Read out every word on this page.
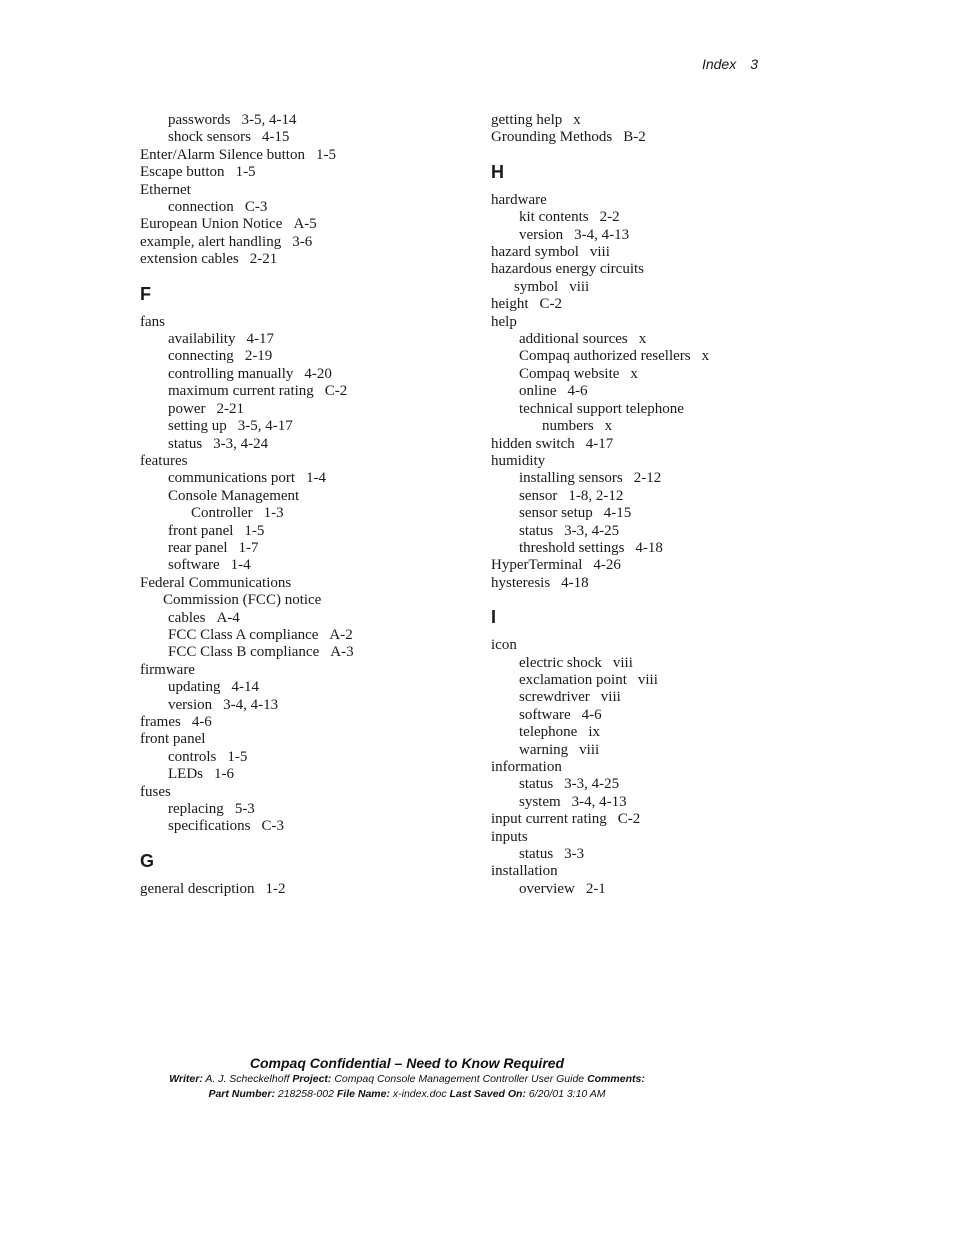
Index 3
passwords 3-5, 4-14
shock sensors 4-15
Enter/Alarm Silence button 1-5
Escape button 1-5
Ethernet
connection C-3
European Union Notice A-5
example, alert handling 3-6
extension cables 2-21
F
fans
availability 4-17
connecting 2-19
controlling manually 4-20
maximum current rating C-2
power 2-21
setting up 3-5, 4-17
status 3-3, 4-24
features
communications port 1-4
Console Management
Controller 1-3
front panel 1-5
rear panel 1-7
software 1-4
Federal Communications
Commission (FCC) notice
cables A-4
FCC Class A compliance A-2
FCC Class B compliance A-3
firmware
updating 4-14
version 3-4, 4-13
frames 4-6
front panel
controls 1-5
LEDs 1-6
fuses
replacing 5-3
specifications C-3
G
general description 1-2
getting help x
Grounding Methods B-2
H
hardware
kit contents 2-2
version 3-4, 4-13
hazard symbol viii
hazardous energy circuits
symbol viii
height C-2
help
additional sources x
Compaq authorized resellers x
Compaq website x
online 4-6
technical support telephone
numbers x
hidden switch 4-17
humidity
installing sensors 2-12
sensor 1-8, 2-12
sensor setup 4-15
status 3-3, 4-25
threshold settings 4-18
HyperTerminal 4-26
hysteresis 4-18
I
icon
electric shock viii
exclamation point viii
screwdriver viii
software 4-6
telephone ix
warning viii
information
status 3-3, 4-25
system 3-4, 4-13
input current rating C-2
inputs
status 3-3
installation
overview 2-1
Compaq Confidential – Need to Know Required
Writer: A. J. Scheckelhoff Project: Compaq Console Management Controller User Guide Comments:
Part Number: 218258-002 File Name: x-index.doc Last Saved On: 6/20/01 3:10 AM
